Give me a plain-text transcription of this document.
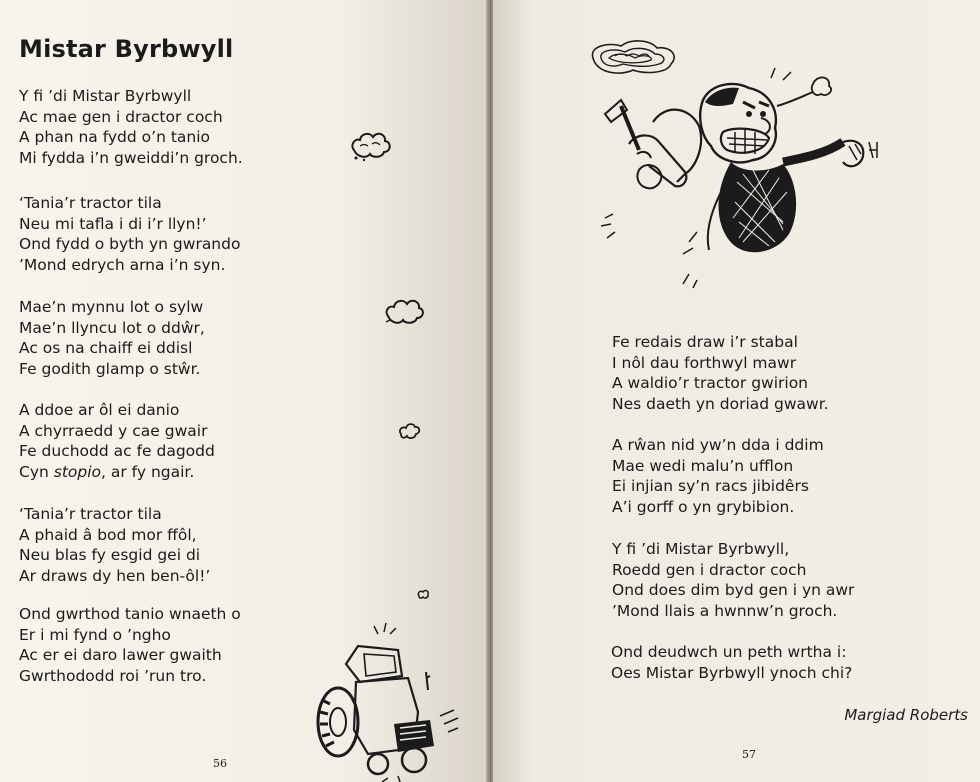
Mistar Byrbwyll
Y fi ’di Mistar Byrbwyll
Ac mae gen i dractor coch
A phan na fydd o’n tanio
Mi fydda i’n gweiddi’n groch.
‘Tania’r tractor tila
Neu mi tafla i di i’r llyn!’
Ond fydd o byth yn gwrando
’Mond edrych arna i’n syn.
Mae’n mynnu lot o sylw
Mae’n llyncu lot o ddŵr,
Ac os na chaiff ei ddisl
Fe godith glamp o stŵr.
A ddoe ar ôl ei danio
A chyrraedd y cae gwair
Fe duchodd ac fe dagodd
Cyn stopio, ar fy ngair.
‘Tania’r tractor tila
A phaid â bod mor ffôl,
Neu blas fy esgid gei di
Ar draws dy hen ben-ôl!’
Ond gwrthod tanio wnaeth o
Er i mi fynd o ’ngho
Ac er ei daro lawer gwaith
Gwrthododd roi ’run tro.
56
Fe redais draw i’r stabal
I nôl dau forthwyl mawr
A waldio’r tractor gwirion
Nes daeth yn doriad gwawr.
A rŵan nid yw’n dda i ddim
Mae wedi malu’n ufflon
Ei injian sy’n racs jibidêrs
A’i gorff o yn grybibion.
Y fi ’di Mistar Byrbwyll,
Roedd gen i dractor coch
Ond does dim byd gen i yn awr
’Mond llais a hwnnw’n groch.
Ond deudwch un peth wrtha i:
Oes Mistar Byrbwyll ynoch chi?
Margiad Roberts
57
